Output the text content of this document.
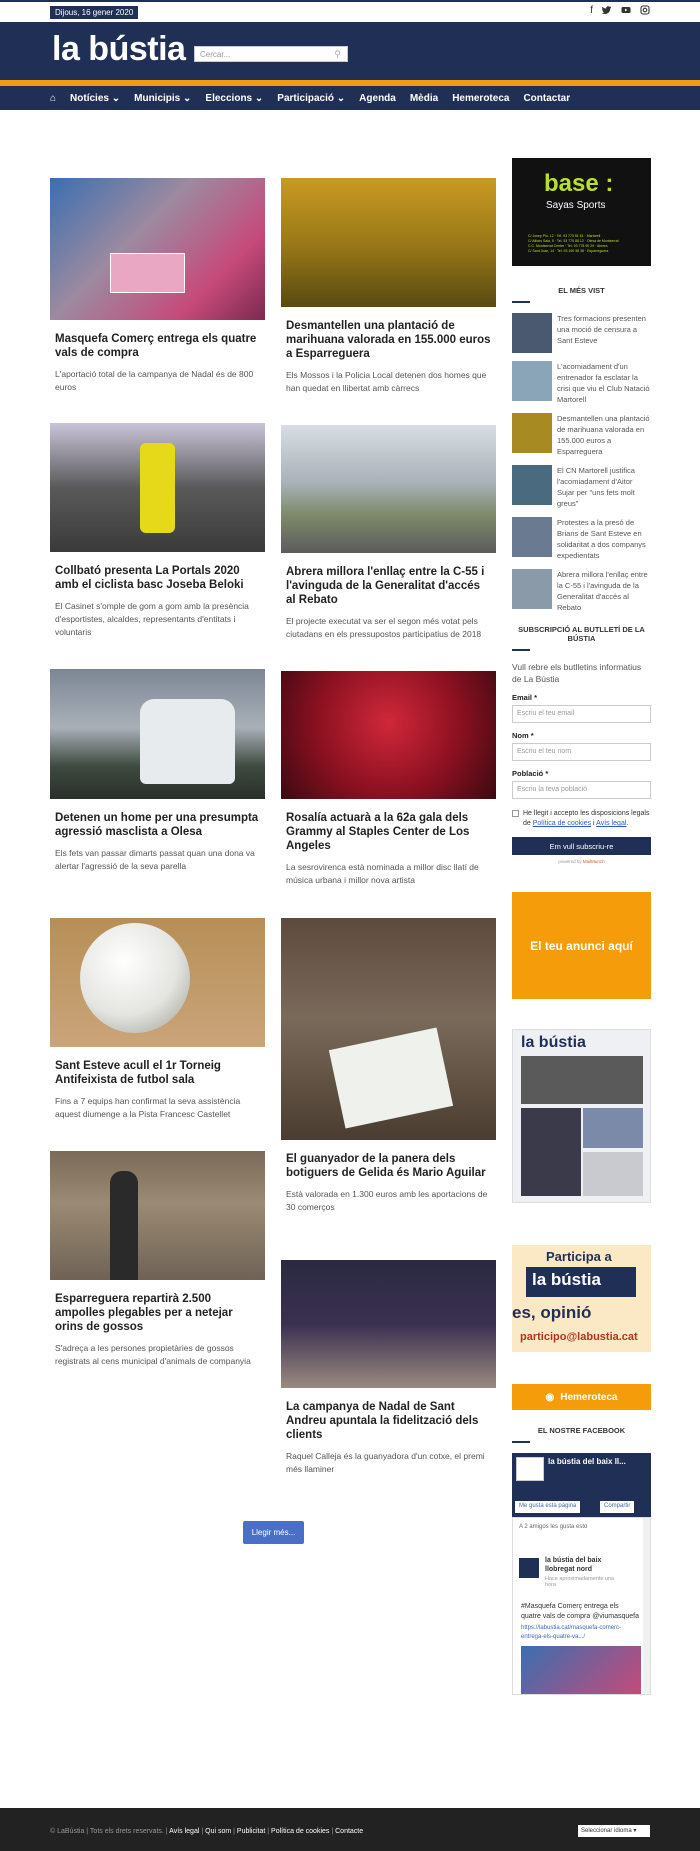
Dijous, 16 gener 2020	f
la bústia	Cercar...	⚲
⌂ Notícies ⌄ Municipis ⌄ Eleccions ⌄ Participació ⌄ Agenda Mèdia Hemeroteca Contactar
Masquefa Comerç entrega els quatre vals de compra

L'aportació total de la campanya de Nadal és de 800 euros

Collbató presenta La Portals 2020 amb el ciclista basc Joseba Beloki

El Casinet s'omple de gom a gom amb la presència d'esportistes, alcaldes, representants d'entitats i voluntaris

Detenen un home per una presumpta agressió masclista a Olesa

Els fets van passar dimarts passat quan una dona va alertar l'agressió de la seva parella

Sant Esteve acull el 1r Torneig Antifeixista de futbol sala

Fins a 7 equips han confirmat la seva assistència aquest diumenge a la Pista Francesc Castellet

Esparreguera repartirà 2.500 ampolles plegables per a netejar orins de gossos

S'adreça a les persones propietàries de gossos registrats al cens municipal d'animals de companyia

Desmantellen una plantació de marihuana valorada en 155.000 euros a Esparreguera

Els Mossos i la Policia Local detenen dos homes que han quedat en llibertat amb càrrecs

Abrera millora l'enllaç entre la C-55 i l'avinguda de la Generalitat d'accés al Rebato

El projecte executat va ser el segon més votat pels ciutadans en els pressupostos participatius de 2018

Rosalía actuarà a la 62a gala dels Grammy al Staples Center de Los Angeles

La sesrovirenca està nominada a millor disc llatí de música urbana i millor nova artista

El guanyador de la panera dels botiguers de Gelida és Mario Aguilar

Està valorada en 1.300 euros amb les aportacions de 30 comerços

La campanya de Nadal de Sant Andreu apuntala la fidelització dels clients

Raquel Calleja és la guanyadora d'un cotxe, el premi més llaminer

Llegir més...
base :
Sayas Sports
C/ Josep Piu, 12 · Tel. 93 773 51 61 · Martorell
C/ Alfons Sala, 5 · Tel. 93 775 88 12 · Olesa de Montserrat
C.C. Montserrat Center · Tel. 93 778 90 29 · Abrera
C/ Sant Joan, 14 · Tel. 93 190 98 38 · Esparreguera
EL MÉS VIST
Tres formacions presenten una moció de censura a Sant Esteve
L'acomiadament d'un entrenador fa esclatar la crisi que viu el Club Natació Martorell
Desmantellen una plantació de marihuana valorada en 155.000 euros a Esparreguera
El CN Martorell justifica l'acomiadament d'Aitor Sujar per "uns fets molt greus"
Protestes a la presó de Brians de Sant Esteve en solidaritat a dos companys expedientats
Abrera millora l'enllaç entre la C-55 i l'avinguda de la Generalitat d'accés al Rebato
SUBSCRIPCIÓ AL BUTLLETÍ DE LA BÚSTIA
Vull rebre els butlletins informatius de La Bústia
Email *
Escriu el teu email
Nom *
Escriu el teu nom
Població *
Escriu la teva població
He llegit i accepto les disposicions legals de Política de cookies i Avís legal.
Em vull subscriu-re
powered by MailMunch
El teu anunci aquí
la bústia
Participa a
la bústia
es, opinió
participo@labustia.cat
◉ Hemeroteca
EL NOSTRE FACEBOOK
la bústia del baix ll...
Me gusta esta página	Compartir
A 2 amigos les gusta esto
la bústia del baix llobregat nord
Hace aproximadamente una hora
#Masquefa Comerç entrega els quatre vals de compra @viumasquefa
https://labustia.cat/masquefa-comerc-entrega-els-quatre-va.../
© LaBústia | Tots els drets reservats. | Avís legal | Qui som | Publicitat | Política de cookies | Contacte	Seleccionar idioma ▾
